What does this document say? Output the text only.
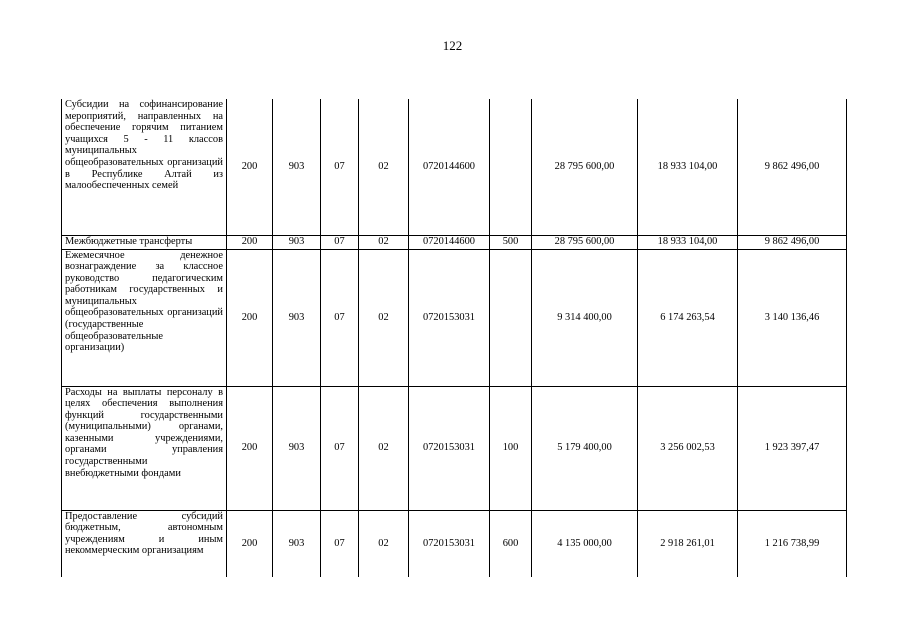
122
Субсидии на софинансирование мероприятий, направленных на обеспечение горячим питанием учащихся 5 - 11 классов муниципальных общеобразовательных организаций в Республике Алтай из малообеспеченных семей	200	903	07	02	0720144600		28 795 600,00	18 933 104,00	9 862 496,00
Межбюджетные трансферты	200	903	07	02	0720144600	500	28 795 600,00	18 933 104,00	9 862 496,00
Ежемесячное денежное вознаграждение за классное руководство педагогическим работникам государственных и муниципальных общеобразовательных организаций (государственные общеобразовательные организации)	200	903	07	02	0720153031		9 314 400,00	6 174 263,54	3 140 136,46
Расходы на выплаты персоналу в целях обеспечения выполнения функций государственными (муниципальными) органами, казенными учреждениями, органами управления государственными внебюджетными фондами	200	903	07	02	0720153031	100	5 179 400,00	3 256 002,53	1 923 397,47
Предоставление субсидий бюджетным, автономным учреждениям и иным некоммерческим организациям	200	903	07	02	0720153031	600	4 135 000,00	2 918 261,01	1 216 738,99
